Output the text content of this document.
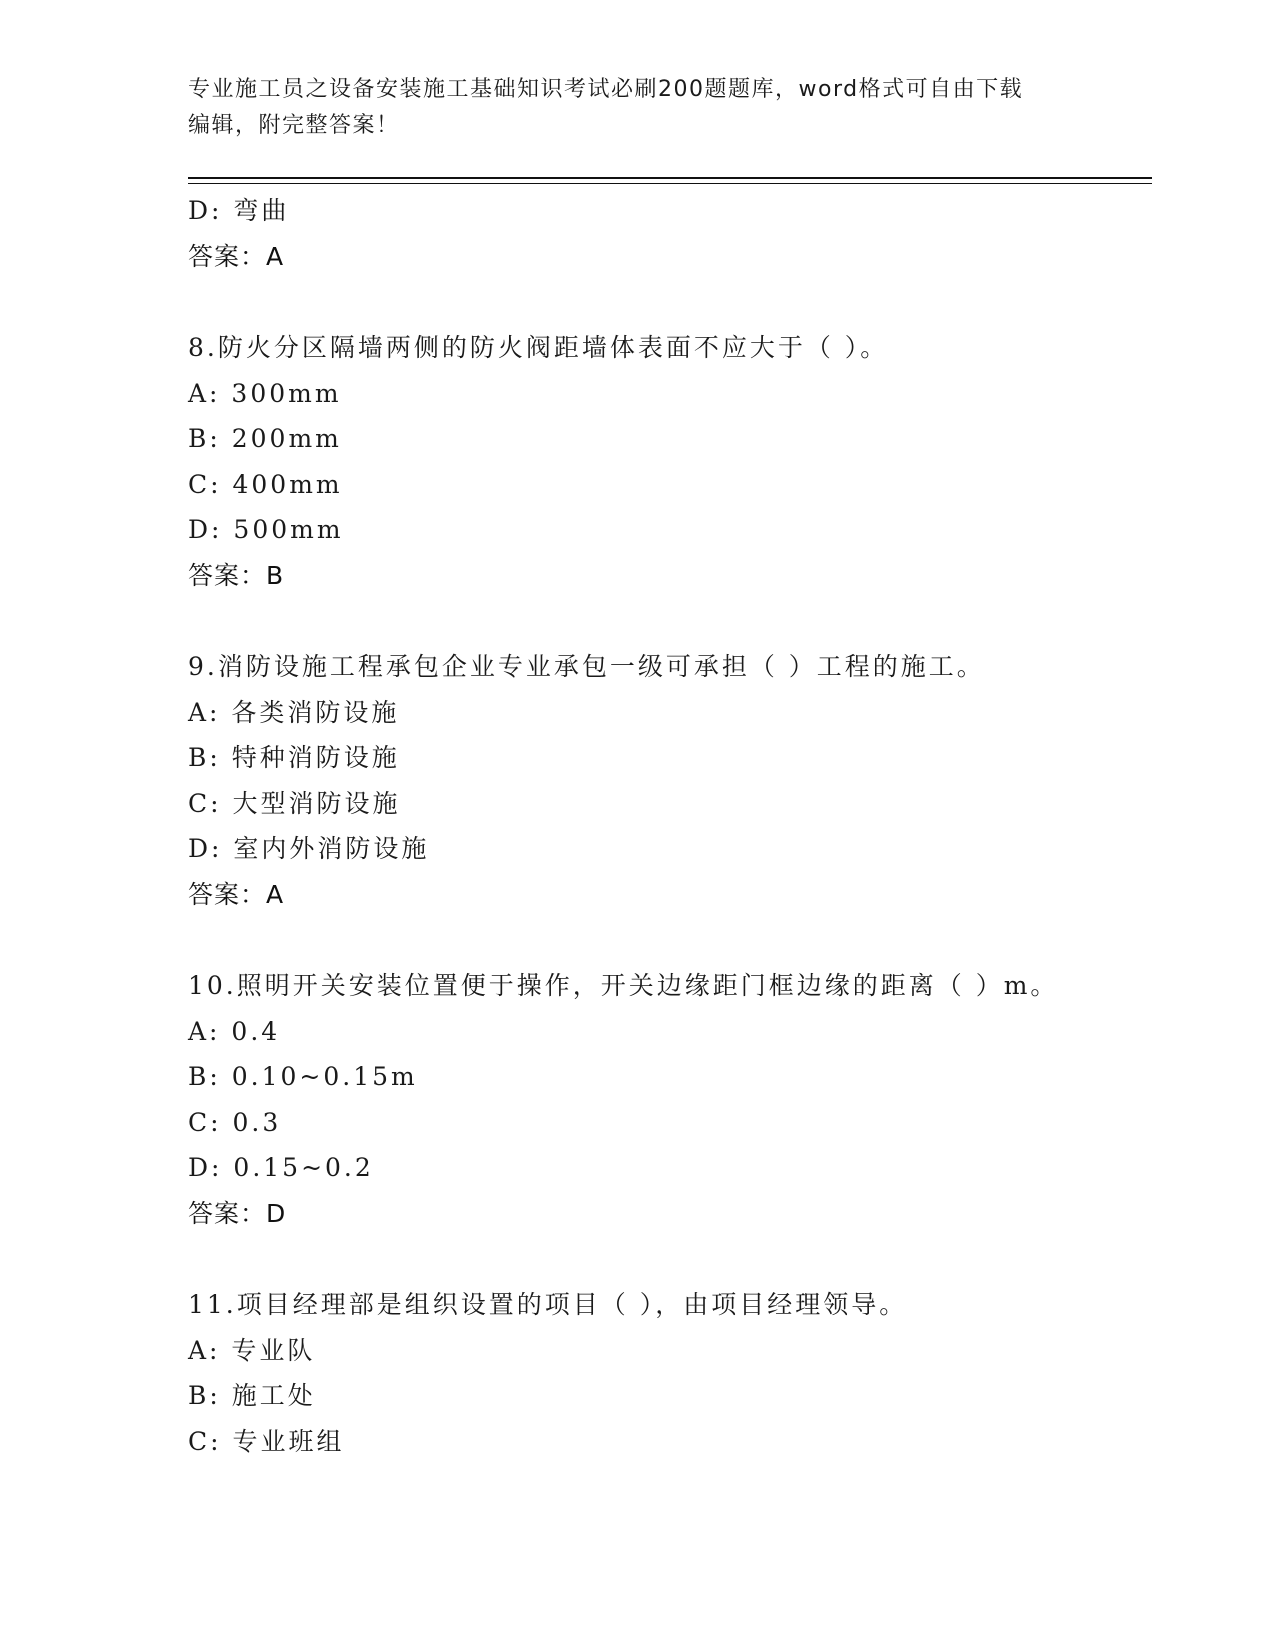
专业施工员之设备安装施工基础知识考试必刷200题题库，word格式可自由下载
编辑，附完整答案！
D: 弯曲
答案：A
8.防火分区隔墙两侧的防火阀距墙体表面不应大于（ ）。
A: 300mm
B: 200mm
C: 400mm
D: 500mm
答案：B
9.消防设施工程承包企业专业承包一级可承担（ ）工程的施工。
A: 各类消防设施
B: 特种消防设施
C: 大型消防设施
D: 室内外消防设施
答案：A
10.照明开关安装位置便于操作，开关边缘距门框边缘的距离（ ）m。
A: 0.4
B: 0.10~0.15m
C: 0.3
D: 0.15~0.2
答案：D
11.项目经理部是组织设置的项目（ ），由项目经理领导。
A: 专业队
B: 施工处
C: 专业班组
